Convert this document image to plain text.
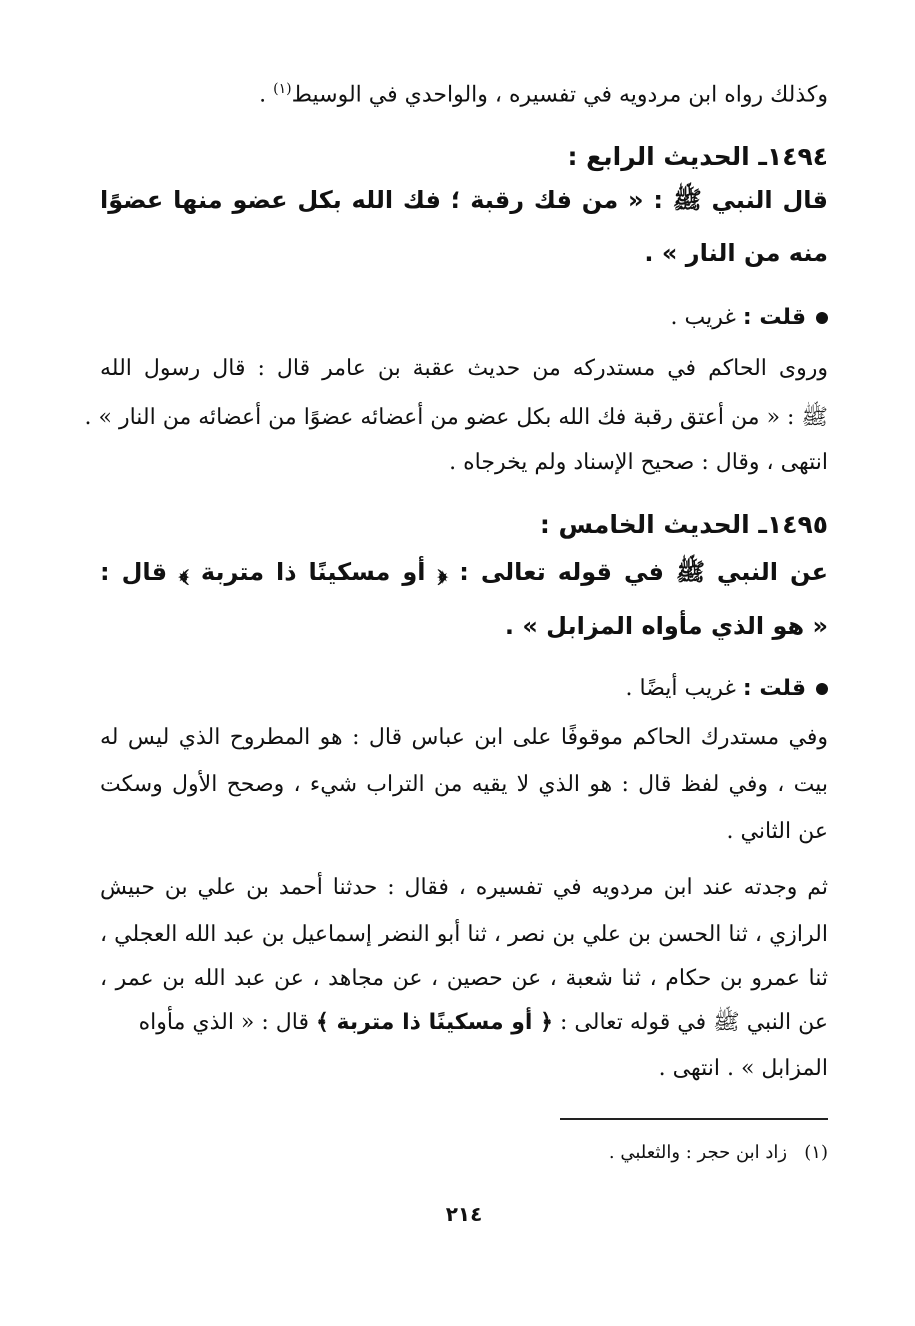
وكذلك رواه ابن مردويه في تفسيره ، والواحدي في الوسيط$^{(١)}$ .
١٤٩٤ـ الحديث الرابع :
قال النبي ﷺ : « من فك رقبة ؛ فك الله بكل عضو منها عضوًا
منه من النار » .
قلت : غريب .
وروى الحاكم في مستدركه من حديث عقبة بن عامر قال : قال رسول الله
ﷺ : « من أعتق رقبة فك الله بكل عضو من أعضائه عضوًا من أعضائه من النار » .
انتهى ، وقال : صحيح الإسناد ولم يخرجاه .
١٤٩٥ـ الحديث الخامس :
عن النبي ﷺ في قوله تعالى : ﴿ أو مسكينًا ذا متربة ﴾ قال :
« هو الذي مأواه المزابل » .
قلت : غريب أيضًا .
وفي مستدرك الحاكم موقوفًا على ابن عباس قال : هو المطروح الذي ليس له
بيت ، وفي لفظ قال : هو الذي لا يقيه من التراب شيء ، وصحح الأول وسكت
عن الثاني .
ثم وجدته عند ابن مردويه في تفسيره ، فقال : حدثنا أحمد بن علي بن حبيش
الرازي ، ثنا الحسن بن علي بن نصر ، ثنا أبو النضر إسماعيل بن عبد الله العجلي ،
ثنا عمرو بن حكام ، ثنا شعبة ، عن حصين ، عن مجاهد ، عن عبد الله بن عمر ،
عن النبي ﷺ في قوله تعالى : ﴿ أو مسكينًا ذا متربة ﴾ قال : « الذي مأواه
المزابل » . انتهى .
(١)   زاد ابن حجر : والثعلبي .
٢١٤
